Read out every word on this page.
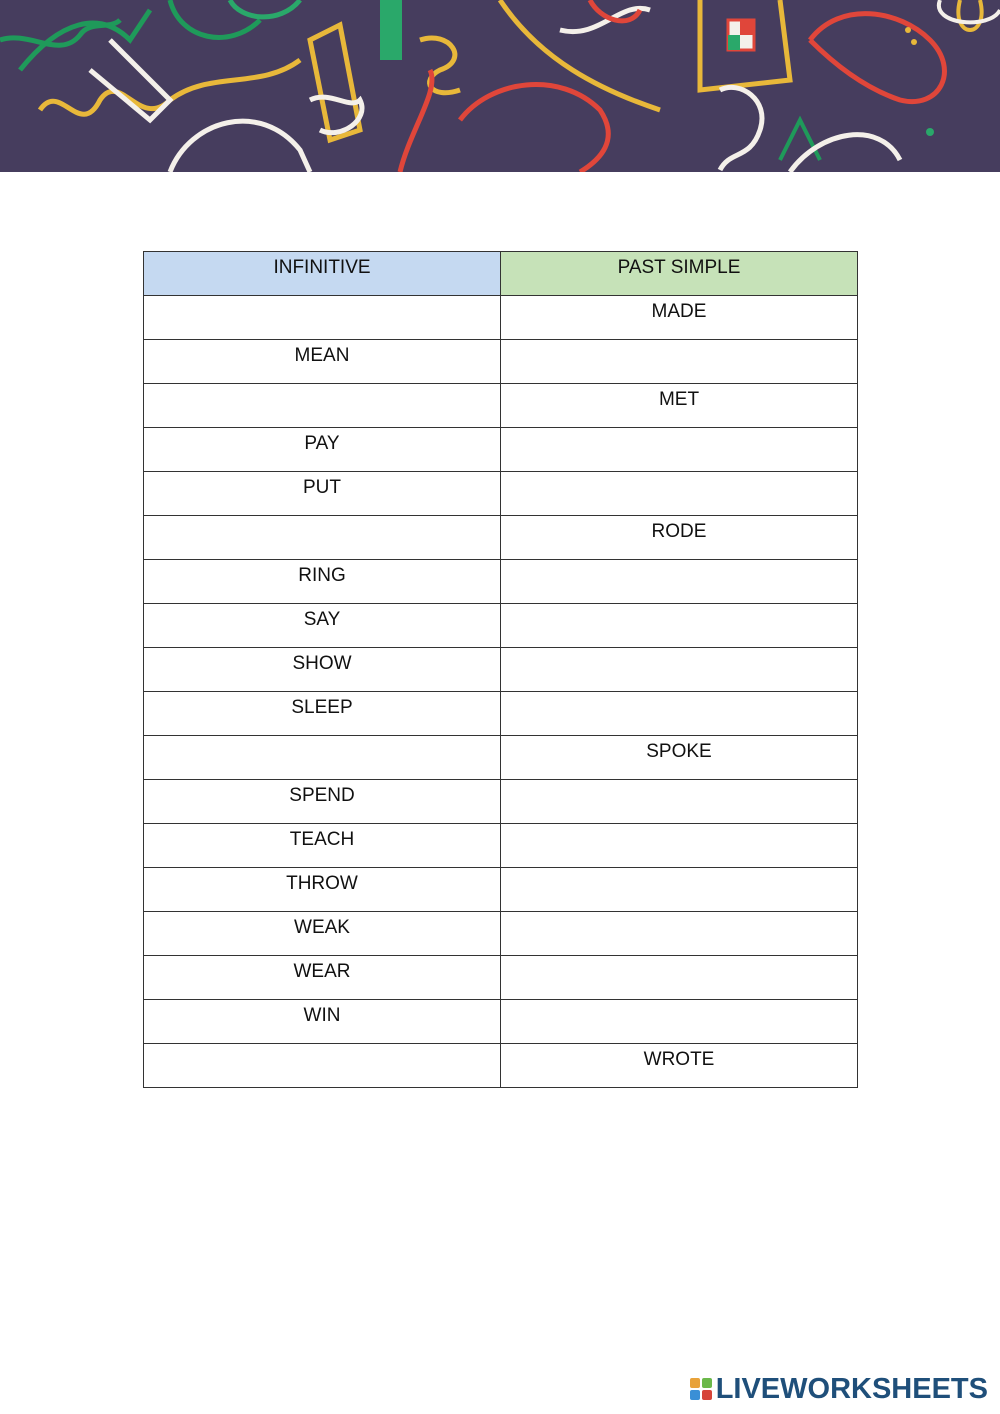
INFINITIVE	PAST SIMPLE
	MADE
MEAN	
	MET
PAY	
PUT	
	RODE
RING	
SAY	
SHOW	
SLEEP	
	SPOKE
SPEND	
TEACH	
THROW	
WEAK	
WEAR	
WIN	
	WROTE
LIVEWORKSHEETS
